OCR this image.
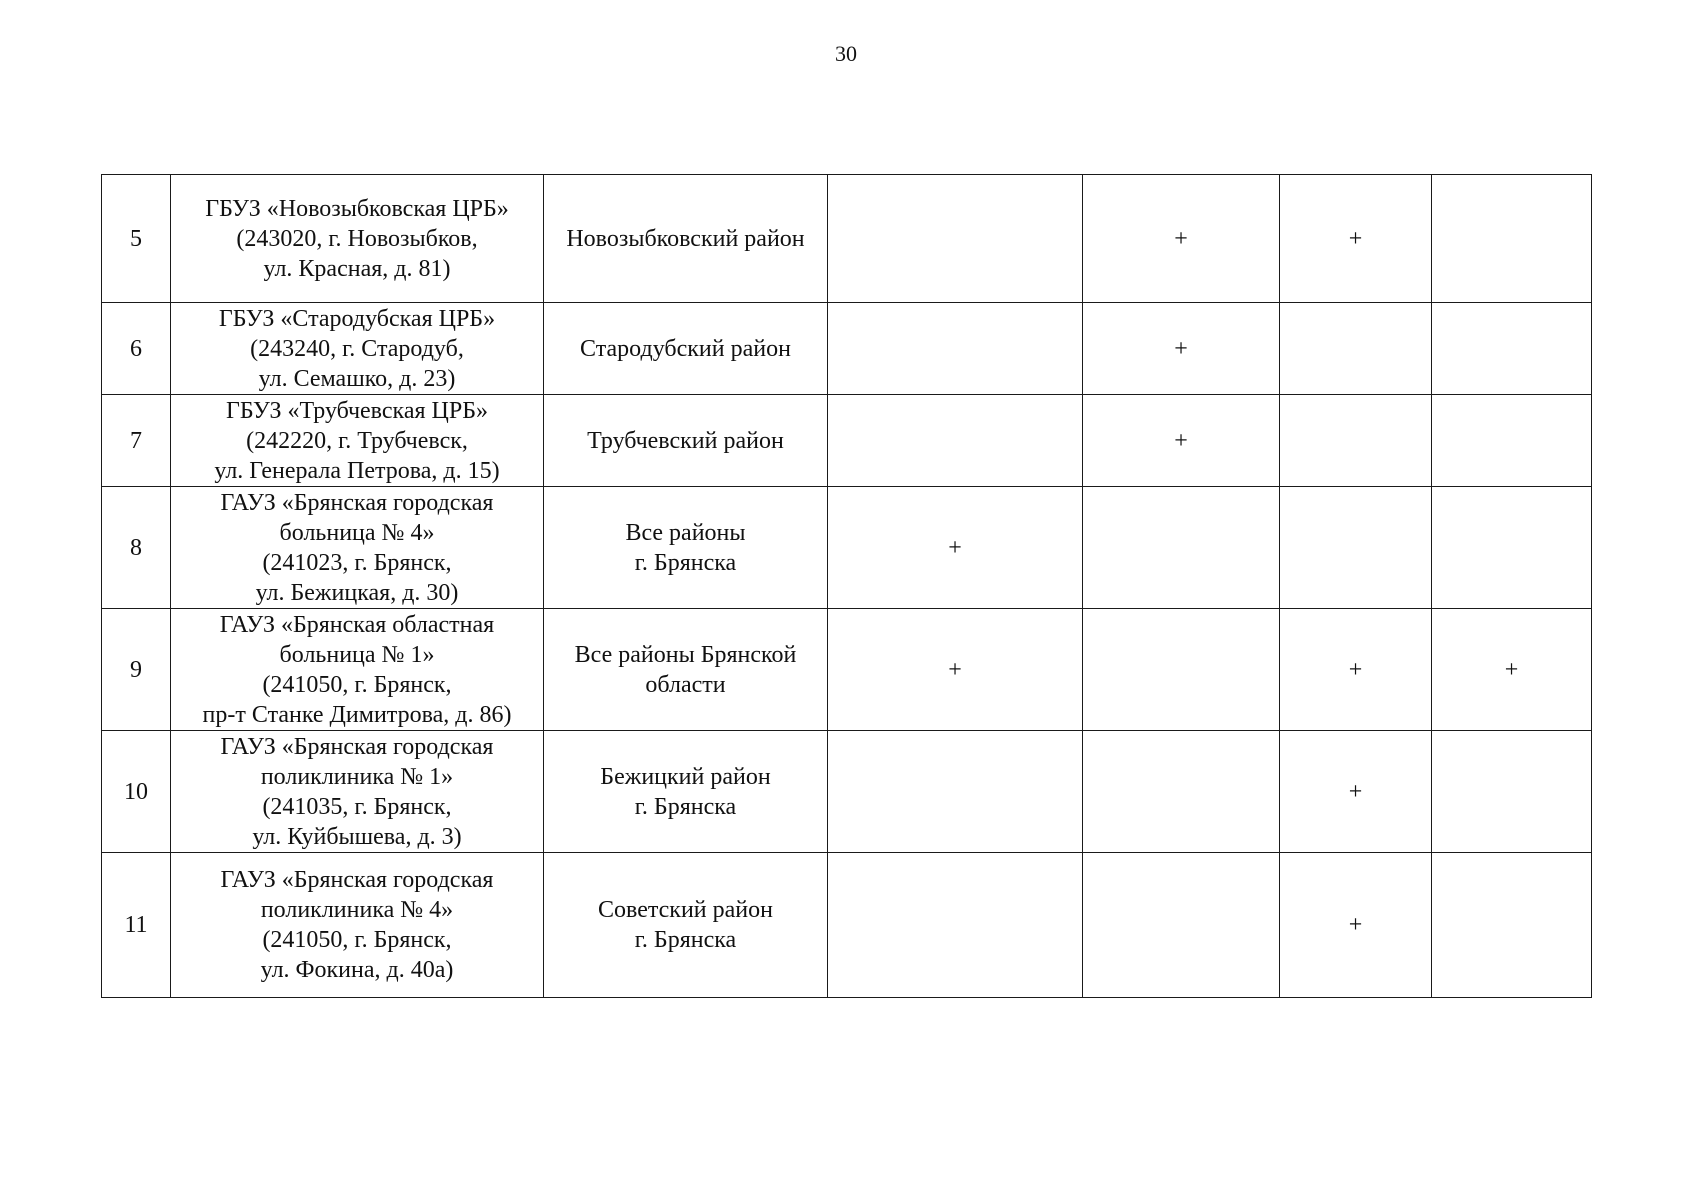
30
5	ГБУЗ «Новозыбковская ЦРБ»
(243020, г. Новозыбков,
ул. Красная, д. 81)	Новозыбковский район		+	+	
6	ГБУЗ «Стародубская ЦРБ»
(243240, г. Стародуб,
ул. Семашко, д. 23)	Стародубский район		+		
7	ГБУЗ «Трубчевская ЦРБ»
(242220, г. Трубчевск,
ул. Генерала Петрова, д. 15)	Трубчевский район		+		
8	ГАУЗ «Брянская городская
больница № 4»
(241023, г. Брянск,
ул. Бежицкая, д. 30)	Все районы
г. Брянска	+			
9	ГАУЗ «Брянская областная
больница № 1»
(241050, г. Брянск,
пр-т Станке Димитрова, д. 86)	Все районы Брянской
области	+		+	+
10	ГАУЗ «Брянская городская
поликлиника № 1»
(241035, г. Брянск,
ул. Куйбышева, д. 3)	Бежицкий район
г. Брянска			+	
11	ГАУЗ «Брянская городская
поликлиника № 4»
(241050, г. Брянск,
ул. Фокина, д. 40а)	Советский район
г. Брянска			+	
